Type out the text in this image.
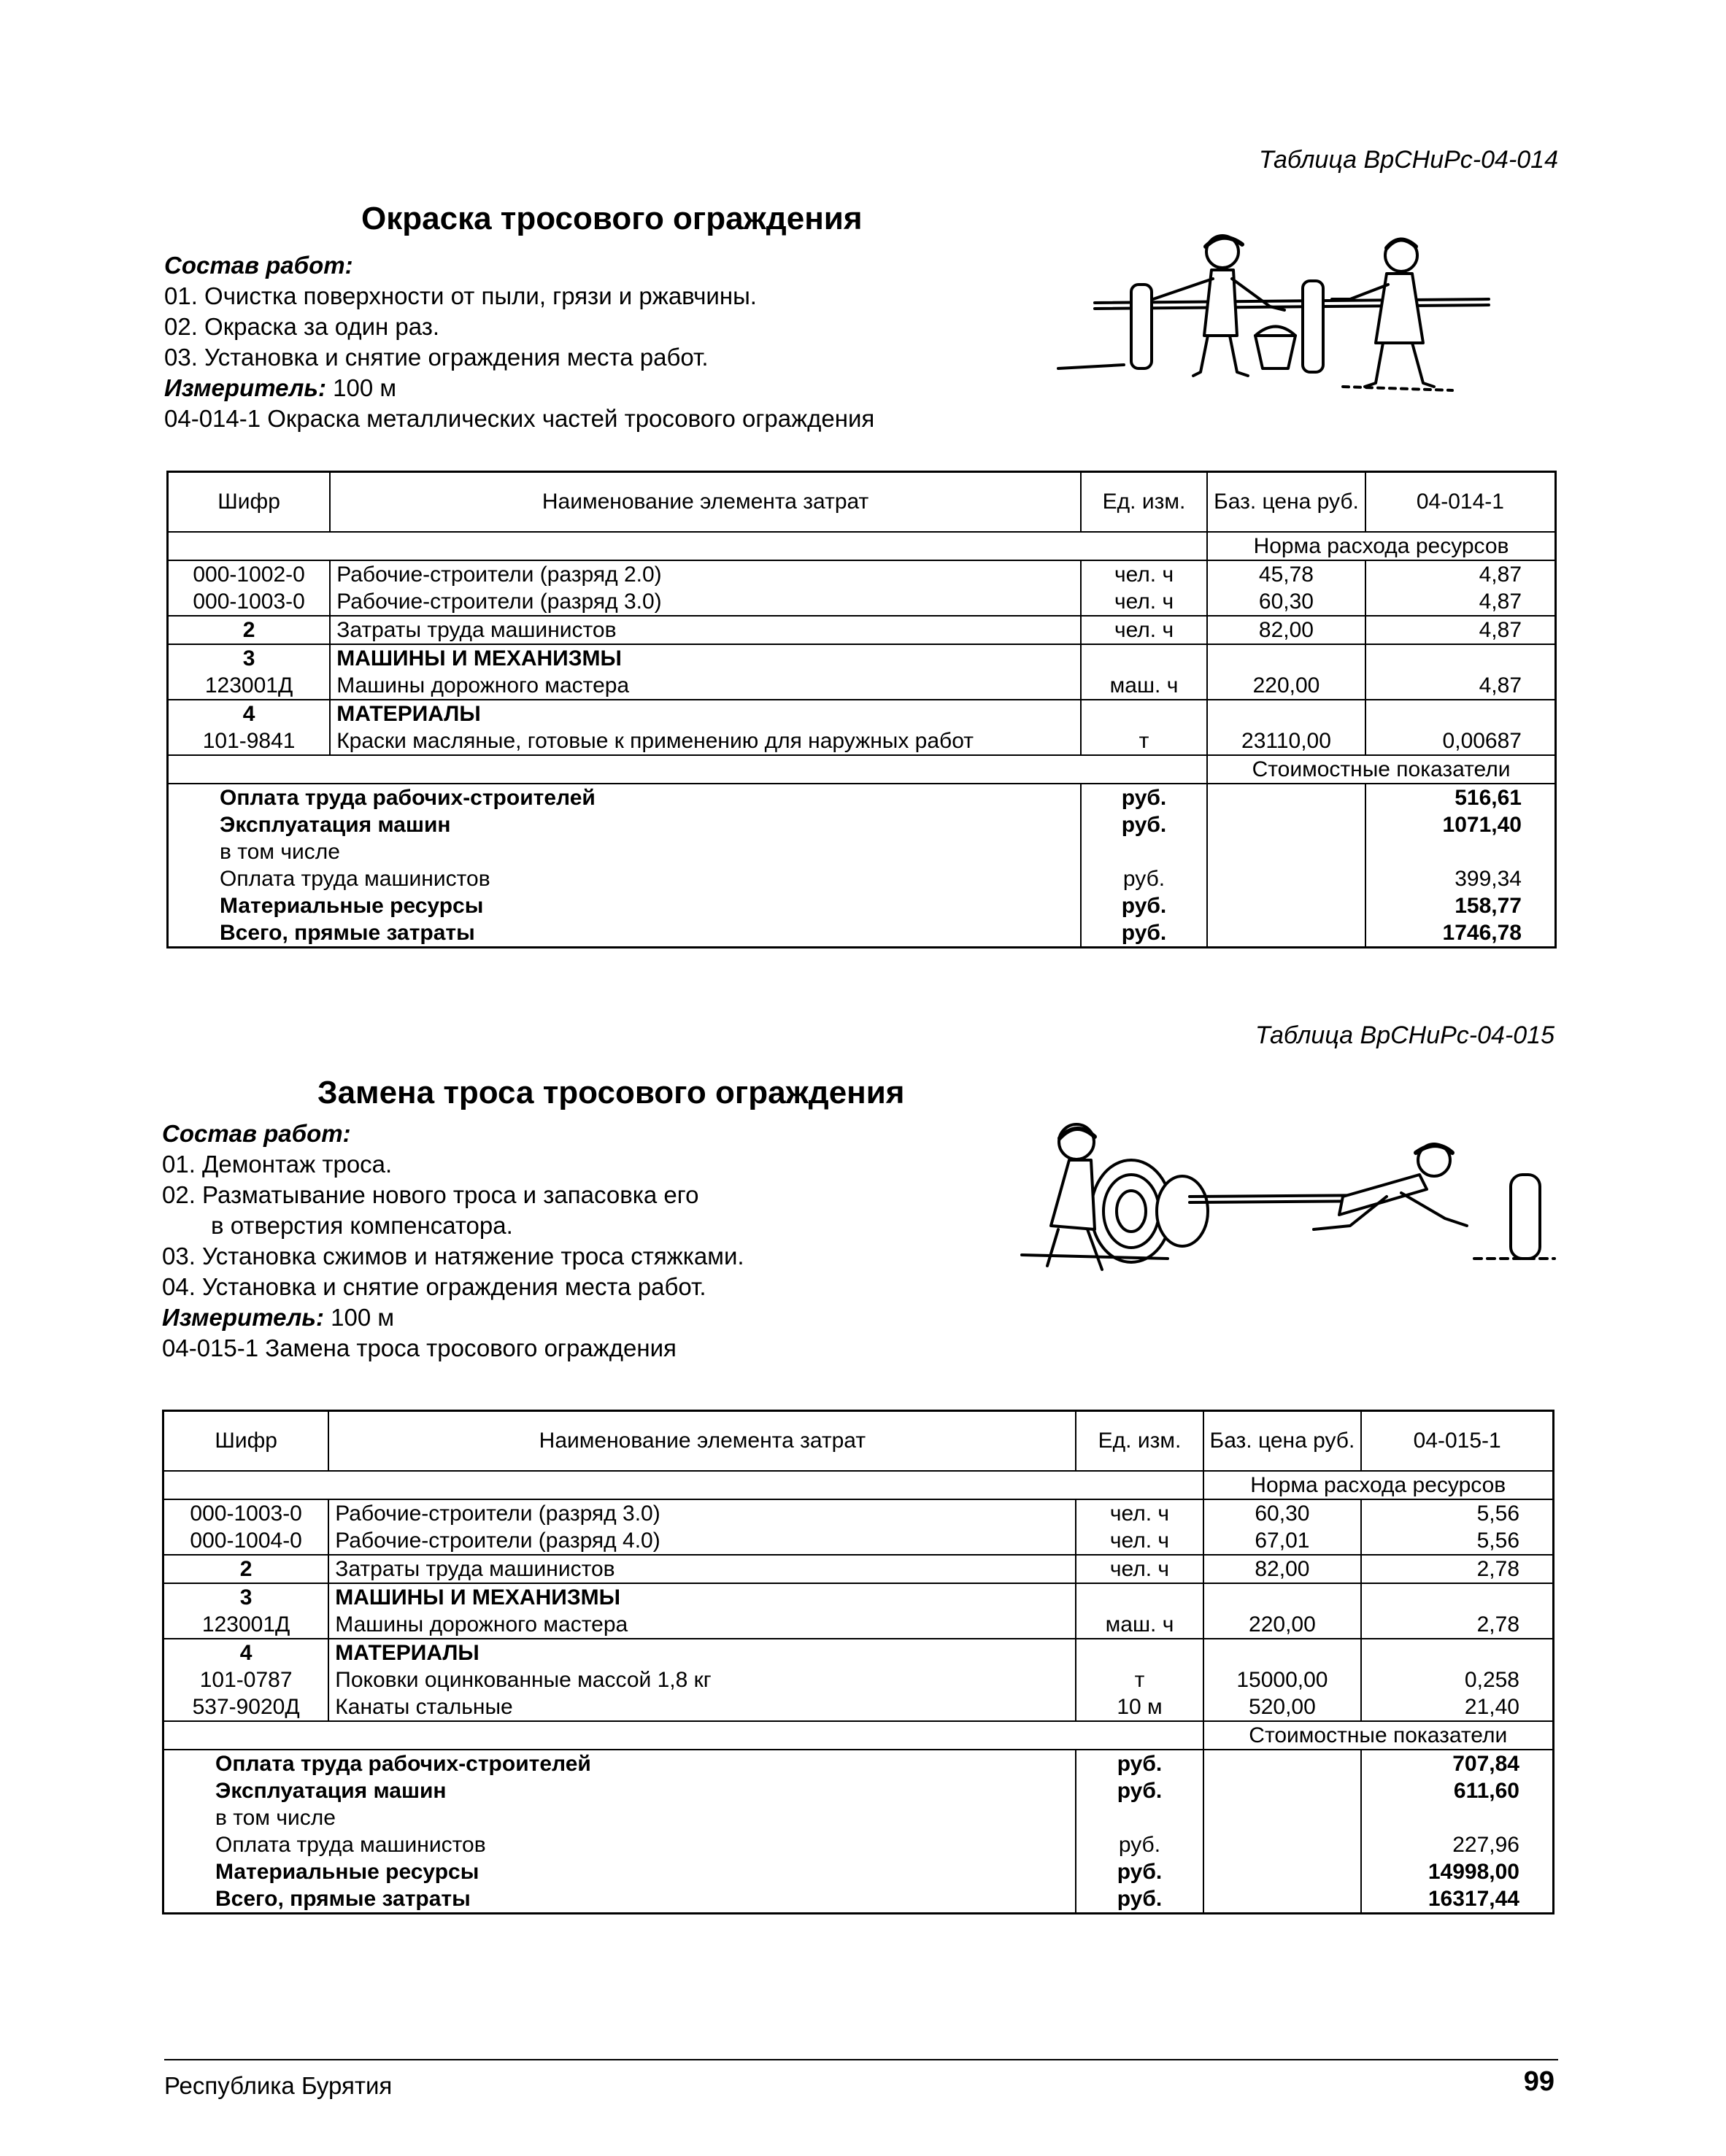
Таблица ВрСНиРс-04-014
Окраска тросового ограждения
Состав работ:
01. Очистка поверхности от пыли, грязи и ржавчины.
02. Окраска за один раз.
03. Установка и снятие ограждения места работ.
Измеритель: 100 м
04-014-1 Окраска металлических частей тросового ограждения
Шифр	Наименование элемента затрат	Ед. изм.	Баз. цена руб.	04-014-1
			Норма расхода ресурсов	
000-1002-0	Рабочие-строители (разряд 2.0)	чел. ч	45,78	4,87
000-1003-0	Рабочие-строители (разряд 3.0)	чел. ч	60,30	4,87
2	Затраты труда машинистов	чел. ч	82,00	4,87
3	МАШИНЫ И МЕХАНИЗМЫ			
123001Д	Машины дорожного мастера	маш. ч	220,00	4,87
4	МАТЕРИАЛЫ			
101-9841	Краски масляные, готовые к применению для наружных работ	т	23110,00	0,00687
			Стоимостные показатели	
Оплата труда рабочих-строителей		руб.		516,61
Эксплуатация машин		руб.		1071,40
в том числе				
Оплата труда машинистов		руб.		399,34
Материальные ресурсы		руб.		158,77
Всего, прямые затраты		руб.		1746,78
Таблица ВрСНиРс-04-015
Замена троса тросового ограждения
Состав работ:
01. Демонтаж троса.
02. Разматывание нового троса и запасовка его
в отверстия компенсатора.
03. Установка сжимов и натяжение троса стяжками.
04. Установка и снятие ограждения места работ.
Измеритель: 100 м
04-015-1 Замена троса тросового ограждения
Шифр	Наименование элемента затрат	Ед. изм.	Баз. цена руб.	04-015-1
			Норма расхода ресурсов	
000-1003-0	Рабочие-строители (разряд 3.0)	чел. ч	60,30	5,56
000-1004-0	Рабочие-строители (разряд 4.0)	чел. ч	67,01	5,56
2	Затраты труда машинистов	чел. ч	82,00	2,78
3	МАШИНЫ И МЕХАНИЗМЫ			
123001Д	Машины дорожного мастера	маш. ч	220,00	2,78
4	МАТЕРИАЛЫ			
101-0787	Поковки оцинкованные массой 1,8 кг	т	15000,00	0,258
537-9020Д	Канаты стальные	10 м	520,00	21,40
			Стоимостные показатели	
Оплата труда рабочих-строителей		руб.		707,84
Эксплуатация машин		руб.		611,60
в том числе				
Оплата труда машинистов		руб.		227,96
Материальные ресурсы		руб.		14998,00
Всего, прямые затраты		руб.		16317,44
Республика Бурятия	99
